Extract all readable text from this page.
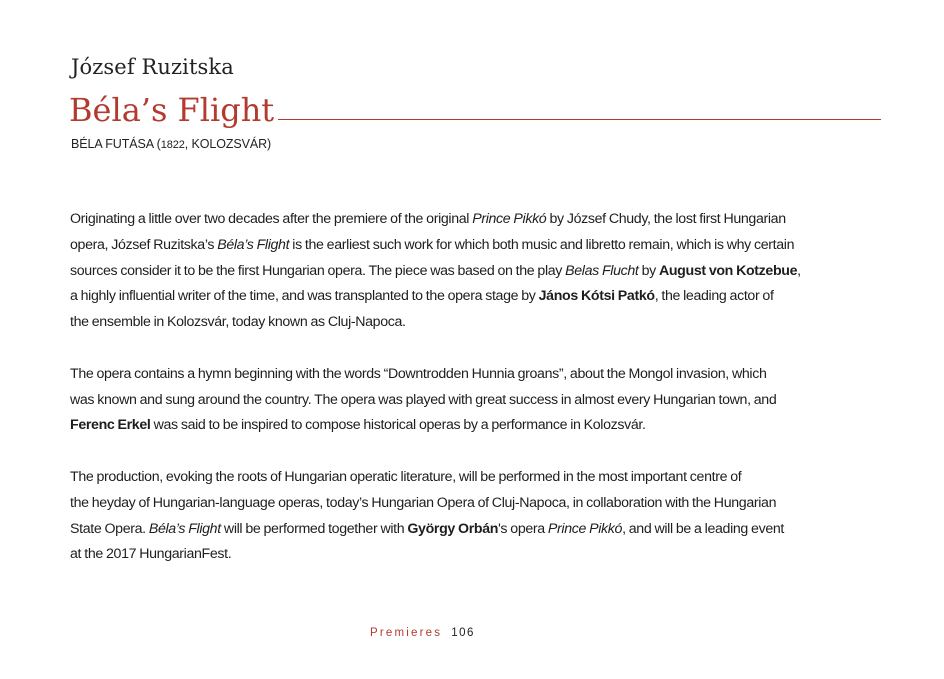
József Ruzitska
Béla’s Flight
BÉLA FUTÁSA (1822, KOLOZSVÁR)

Originating a little over two decades after the premiere of the original Prince Pikkó by József Chudy, the lost first Hungarian
opera, József Ruzitska’s Béla’s Flight is the earliest such work for which both music and libretto remain, which is why certain
sources consider it to be the first Hungarian opera. The piece was based on the play Belas Flucht by August von Kotzebue,
a highly influential writer of the time, and was transplanted to the opera stage by János Kótsi Patkó, the leading actor of
the ensemble in Kolozsvár, today known as Cluj-Napoca.

The opera contains a hymn beginning with the words “Downtrodden Hunnia groans”, about the Mongol invasion, which
was known and sung around the country. The opera was played with great success in almost every Hungarian town, and
Ferenc Erkel was said to be inspired to compose historical operas by a performance in Kolozsvár.

The production, evoking the roots of Hungarian operatic literature, will be performed in the most important centre of
the heyday of Hungarian-language operas, today’s Hungarian Opera of Cluj-Napoca, in collaboration with the Hungarian
State Opera. Béla’s Flight will be performed together with György Orbán's opera Prince Pikkó, and will be a leading event
at the 2017 HungarianFest.

Premieres 106
